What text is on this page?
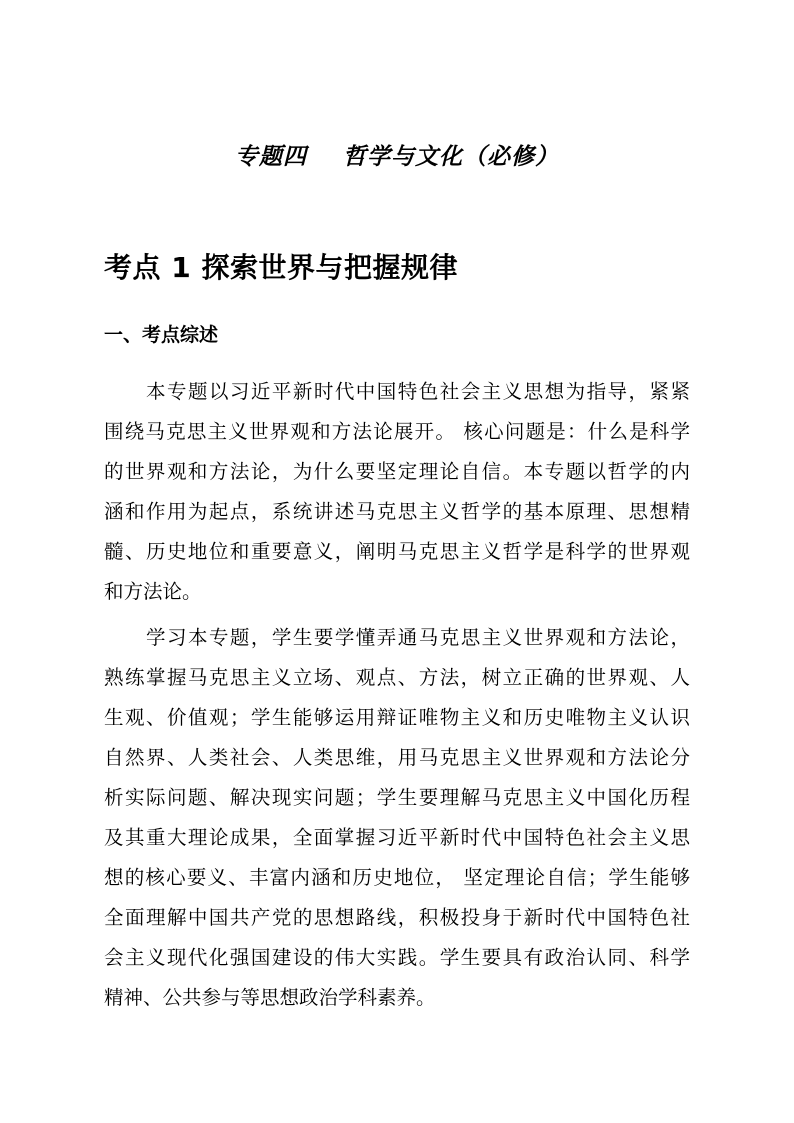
专题四    哲学与文化（必修）
考点 1 探索世界与把握规律
一、考点综述
本专题以习近平新时代中国特色社会主义思想为指导，紧紧
围绕马克思主义世界观和方法论展开。 核心问题是：什么是科学
的世界观和方法论，为什么要坚定理论自信。本专题以哲学的内
涵和作用为起点，系统讲述马克思主义哲学的基本原理、思想精
髓、历史地位和重要意义，阐明马克思主义哲学是科学的世界观
和方法论。
学习本专题，学生要学懂弄通马克思主义世界观和方法论，
熟练掌握马克思主义立场、观点、方法，树立正确的世界观、人
生观、价值观；学生能够运用辩证唯物主义和历史唯物主义认识
自然界、人类社会、人类思维，用马克思主义世界观和方法论分
析实际问题、解决现实问题；学生要理解马克思主义中国化历程
及其重大理论成果，全面掌握习近平新时代中国特色社会主义思
想的核心要义、丰富内涵和历史地位， 坚定理论自信；学生能够
全面理解中国共产党的思想路线，积极投身于新时代中国特色社
会主义现代化强国建设的伟大实践。学生要具有政治认同、科学
精神、公共参与等思想政治学科素养。
